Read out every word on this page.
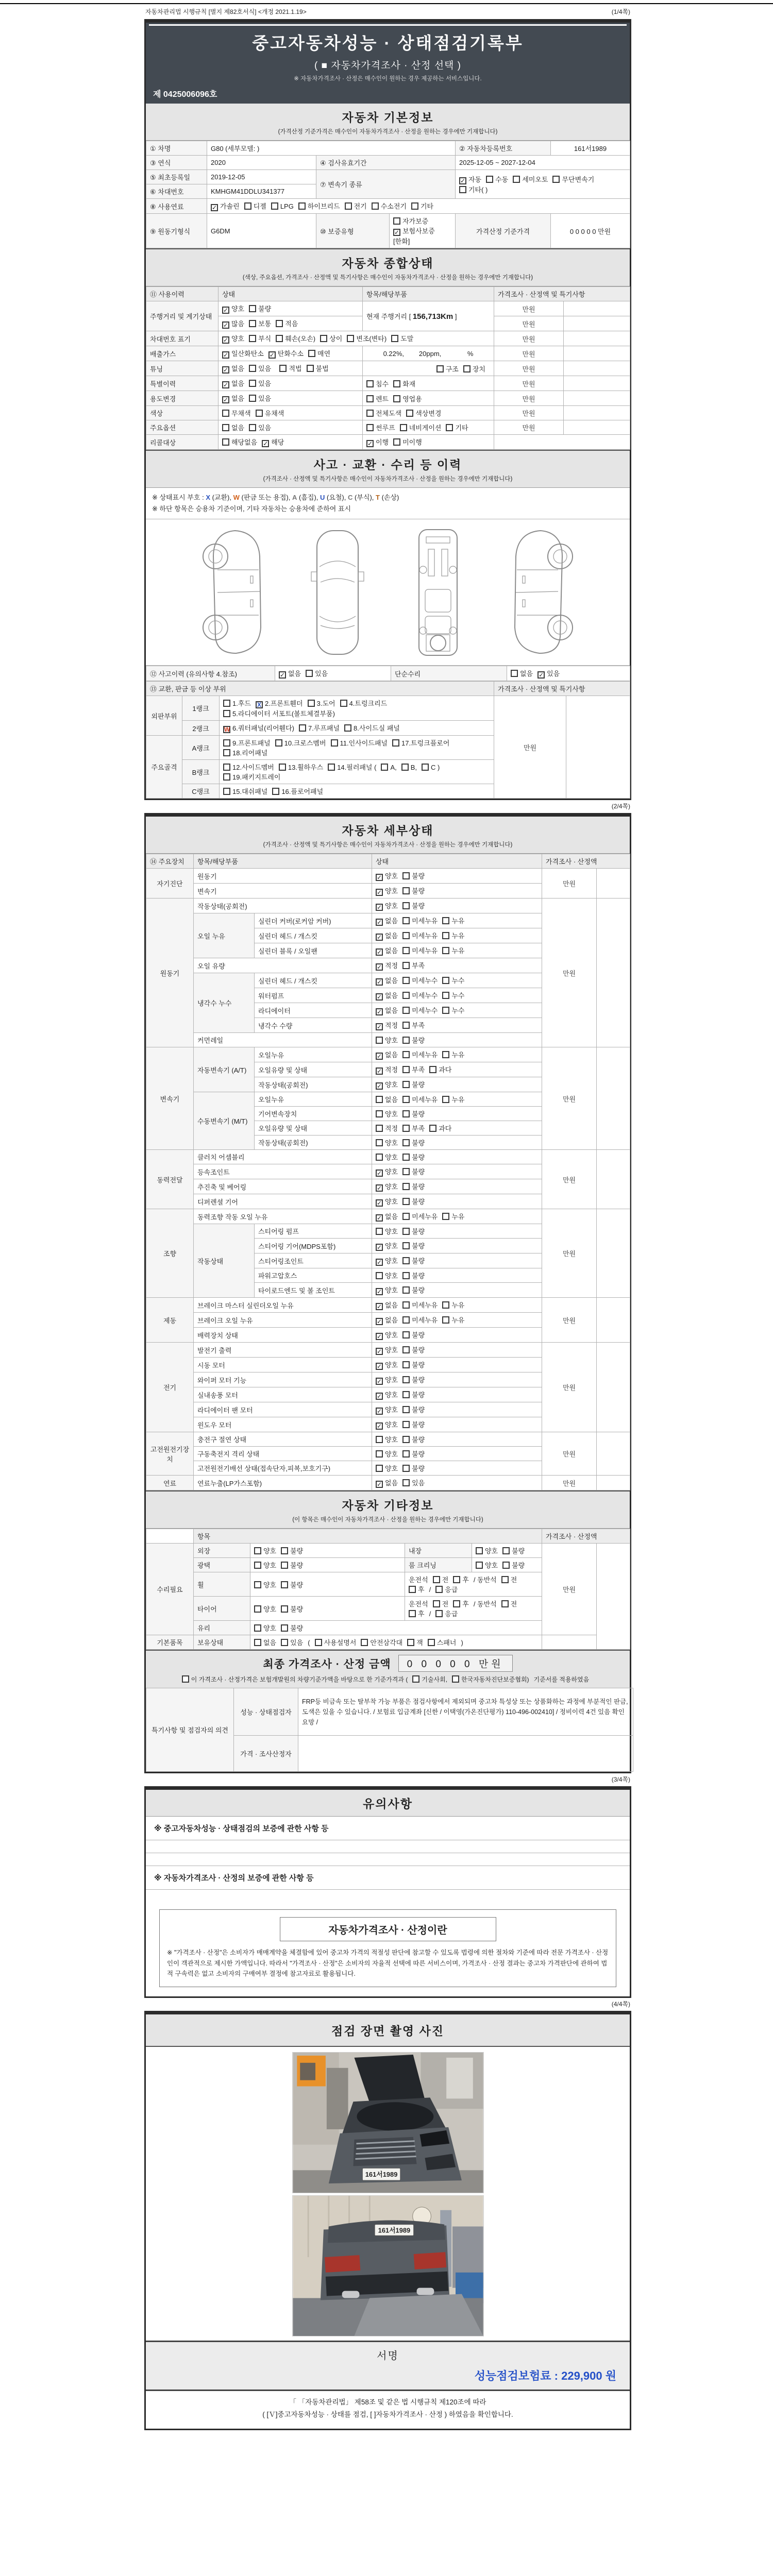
자동차관리법 시행규칙 [별지 제82호서식] <개정 2021.1.19>	(1/4쪽)
중고자동차성능 · 상태점검기록부
( ■ 자동차가격조사 · 산정 선택 )
※ 자동차가격조사 · 산정은 매수인이 원하는 경우 제공하는 서비스입니다.
제 0425006096호
자동차 기본정보
(가격산정 기준가격은 매수인이 자동차가격조사 · 산정을 원하는 경우에만 기재합니다)
① 차명	G80 (세부모델: )			② 자동차등록번호	161서1989
③ 연식	2020	④ 검사유효기간		2025-12-05 ~ 2027-12-04	
⑤ 최초등록일	2019-12-05	⑦ 변속기 종류		✓ 자동 수동 세미오토 무단변속기기타( )	
⑥ 차대번호	KMHGM41DDLU341377				
⑧ 사용연료	✓ 가솔린 디젤 LPG 하이브리드 전기 수소전기 기타				
⑨ 원동기형식	G6DM	⑩ 보증유형	자가보증✓ 보험사보증[한화]	가격산정 기준가격	0 0 0 0 0 만원
자동차 종합상태
(색상, 주요옵션, 가격조사 · 산정액 및 특기사항은 매수인이 자동차가격조사 · 산정을 원하는 경우에만 기재합니다)
⑪ 사용이력	상태	항목/해당부품	가격조사 · 산정액 및 특기사항	
주행거리 및 계기상태	✓ 양호 불량	현재 주행거리 [ 156,713Km ]	만원	
	✓ 많음 보통 적음		만원	
차대번호 표기	✓ 양호 부식 훼손(오손) 상이 변조(변타) 도말		만원	
배출가스	✓ 일산화탄소 ✓ 탄화수소 매연	0.22%,        20ppm,              %	만원	
튜닝	✓ 없음 있음 적법 불법	구조 장치	만원	
특별이력	✓ 없음 있음	침수 화재	만원	
용도변경	✓ 없음 있음	렌트 영업용	만원	
색상	무채색 유채색	전체도색 색상변경	만원	
주요옵션	없음 있음	썬루프 네비게이션 기타	만원	
리콜대상	해당없음 ✓ 해당	✓ 이행 미이행		
사고 · 교환 · 수리 등 이력
(가격조사 · 산정액 및 특기사항은 매수인이 자동차가격조사 · 산정을 원하는 경우에만 기재합니다)
※ 상태표시 부호 : X (교환), W (판금 또는 용접), A (흠집), U (요철), C (부식), T (손상)
※ 하단 항목은 승용차 기준이며, 기타 자동차는 승용차에 준하여 표시

⑫ 사고이력 (유의사항 4.참조)	✓ 없음 있음	단순수리	없음 ✓ 있음
⑬ 교환, 판금 등 이상 부위			가격조사 · 산정액 및 특기사항	
외판부위	1랭크	1.후드 X 2.프론트휀더 3.도어 4.트렁크리드5.라디에이터 서포트(볼트체결부품)	만원	
	2랭크	W 6.쿼터패널(리어휀다) 7.루프패널 8.사이드실 패널		
주요골격	A랭크	9.프론트패널 10.크로스멤버 11.인사이드패널 17.트렁크플로어18.리어패널		
	B랭크	12.사이드멤버 13.휠하우스 14.필러패널 ( A, B, C )19.패키지트레이		
	C랭크	15.대쉬패널 16.플로어패널		
(2/4쪽)
자동차 세부상태
(가격조사 · 산정액 및 특기사항은 매수인이 자동차가격조사 · 산정을 원하는 경우에만 기재합니다)
⑭ 주요장치	항목/해당부품		상태	가격조사 · 산정액	
자기진단	원동기		✓ 양호 불량	만원	
	변속기		✓ 양호 불량		
원동기	작동상태(공회전)		✓ 양호 불량	만원	
	오일 누유	실린더 커버(로커암 커버)	✓ 없음 미세누유 누유		
		실린더 헤드 / 개스킷	✓ 없음 미세누유 누유		
		실린더 블록 / 오일팬	✓ 없음 미세누유 누유		
	오일 유량		✓ 적정 부족		
	냉각수 누수	실린더 헤드 / 개스킷	✓ 없음 미세누수 누수		
		워터펌프	✓ 없음 미세누수 누수		
		라디에이터	✓ 없음 미세누수 누수		
		냉각수 수량	✓ 적정 부족		
	커먼레일		양호 불량		
변속기	자동변속기 (A/T)	오일누유	✓ 없음 미세누유 누유	만원	
		오일유량 및 상태	✓ 적정 부족 과다		
		작동상태(공회전)	✓ 양호 불량		
	수동변속기 (M/T)	오일누유	없음 미세누유 누유		
		기어변속장치	양호 불량		
		오일유량 및 상태	적정 부족 과다		
		작동상태(공회전)	양호 불량		
동력전달	클러치 어셈블리		양호 불량	만원	
	등속조인트		✓ 양호 불량		
	추진축 및 베어링		✓ 양호 불량		
	디퍼렌셜 기어		✓ 양호 불량		
조향	동력조향 작동 오일 누유		✓ 없음 미세누유 누유	만원	
	작동상태	스티어링 펌프	양호 불량		
		스티어링 기어(MDPS포함)	✓ 양호 불량		
		스티어링조인트	✓ 양호 불량		
		파워고압호스	양호 불량		
		타이로드엔드 및 볼 조인트	✓ 양호 불량		
제동	브레이크 마스터 실린더오일 누유		✓ 없음 미세누유 누유	만원	
	브레이크 오일 누유		✓ 없음 미세누유 누유		
	배력장치 상태		✓ 양호 불량		
전기	발전기 출력		✓ 양호 불량	만원	
	시동 모터		✓ 양호 불량		
	와이퍼 모터 기능		✓ 양호 불량		
	실내송풍 모터		✓ 양호 불량		
	라디에이터 팬 모터		✓ 양호 불량		
	윈도우 모터		✓ 양호 불량		
고전원전기장치	충전구 절연 상태		양호 불량	만원	
	구동축전지 격리 상태		양호 불량		
	고전원전기배선 상태(접속단자,피복,보호기구)		양호 불량		
연료	연료누출(LP가스포함)		✓ 없음 있음	만원	
자동차 기타정보
(이 항목은 매수인이 자동차가격조사 · 산정을 원하는 경우에만 기재합니다)
	항목				가격조사 · 산정액	
수리필요	외장	양호 불량	내장	양호 불량	만원	
	광택	양호 불량	룸 크리닝	양호 불량		
	휠	양호 불량	운전석 전 후 / 동반석 전후 / 응급			
	타이어	양호 불량	운전석 전 후 / 동반석 전후 / 응급			
	유리	양호 불량				
기본품목	보유상태	없음 있음 ( 사용설명서 안전삼각대 잭 스패너 )				
최종 가격조사 · 산정 금액	0 0 0 0 0 만원
이 가격조사 · 산정가격은 보험개발원의 차량기준가액을 바탕으로 한 기준가격과 (기술사회, 한국자동차진단보증협회)기준서를 적용하였음
특기사항 및 점검자의 의견	성능 · 상태점검자	FRP등 비금속 또는 탈부착 가능 부품은 점검사항에서 제외되며 중고차 특성상 또는 상품화하는 과정에 부분적인 판금, 도색은 있을 수 있습니다. / 보험료 입금계좌 [신한 / 이택영(가온진단평가) 110-496-002410] / 정비이력 4건 있음 확인요망 /
	가격 · 조사산정자	
(3/4쪽)
유의사항
※ 중고자동차성능 · 상태점검의 보증에 관한 사항 등
※ 자동차가격조사 · 산정의 보증에 관한 사항 등
자동차가격조사 · 산정이란
※ "가격조사 · 산정"은 소비자가 매매계약을 체결함에 있어 중고차 가격의 적절성 판단에 참고할 수 있도록 법령에 의한 절차와 기준에 따라 전문 가격조사 · 산정인이 객관적으로 제시한 가액입니다. 따라서 "가격조사 · 산정"은 소비자의 자율적 선택에 따른 서비스이며, 가격조사 · 산정 결과는 중고차 가격판단에 관하여 법적 구속력은 없고 소비자의 구매여부 결정에 참고자료로 활용됩니다.
(4/4쪽)
점검 장면 촬영 사진
161서1989
161서1989
서명
성능점검보험료 : 229,900 원
「 「자동차관리법」 제58조 및 같은 법 시행규칙 제120조에 따라
( [Ｖ]중고자동차성능 · 상태를 점검, [ ]자동차가격조사 · 산정 ) 하였음을 확인합니다.
